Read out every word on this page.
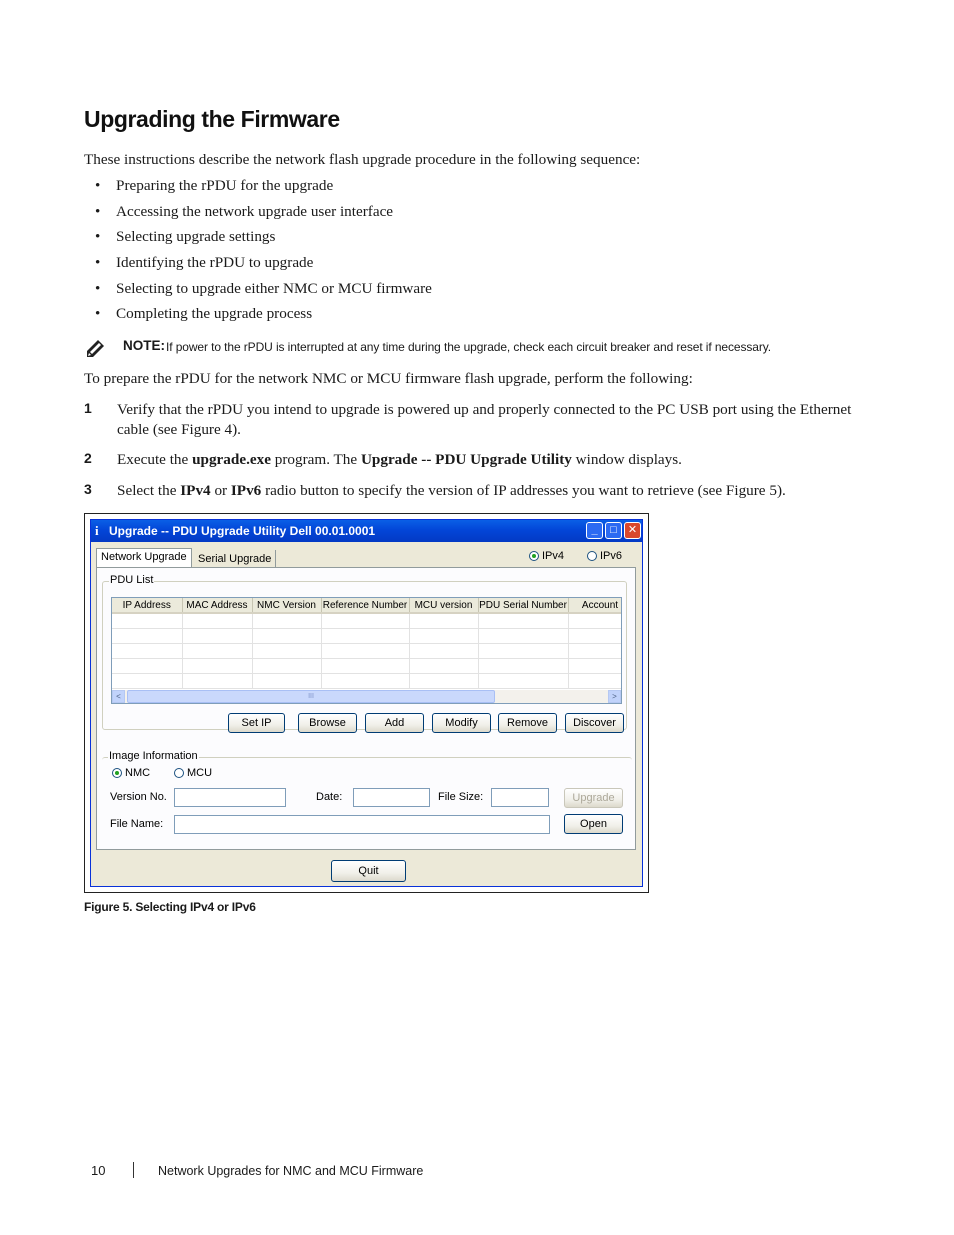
Upgrading the Firmware
These instructions describe the network flash upgrade procedure in the following sequence:
• Preparing the rPDU for the upgrade
• Accessing the network upgrade user interface
• Selecting upgrade settings
• Identifying the rPDU to upgrade
• Selecting to upgrade either NMC or MCU firmware
• Completing the upgrade process
NOTE: If power to the rPDU is interrupted at any time during the upgrade, check each circuit breaker and reset if necessary.
To prepare the rPDU for the network NMC or MCU firmware flash upgrade, perform the following:
1 Verify that the rPDU you intend to upgrade is powered up and properly connected to the PC USB port using the Ethernet cable (see Figure 4).
2 Execute the upgrade.exe program. The Upgrade -- PDU Upgrade Utility window displays.
3 Select the IPv4 or IPv6 radio button to specify the version of IP addresses you want to retrieve (see Figure 5).
i Upgrade -- PDU Upgrade Utility Dell 00.01.0001	_	□	✕
Network Upgrade	Serial Upgrade	IPv4	IPv6
PDU List
Image Information
IP Address	MAC Address	NMC Version	Reference Number	MCU version	PDU Serial Number	Account

<	III	>
Set IP	Browse	Add	Modify	Remove	Discover
NMC	MCU
Version No.	Date:	File Size:	Upgrade
File Name:	Open
Quit
Figure 5. Selecting IPv4 or IPv6
10	Network Upgrades for NMC and MCU Firmware
